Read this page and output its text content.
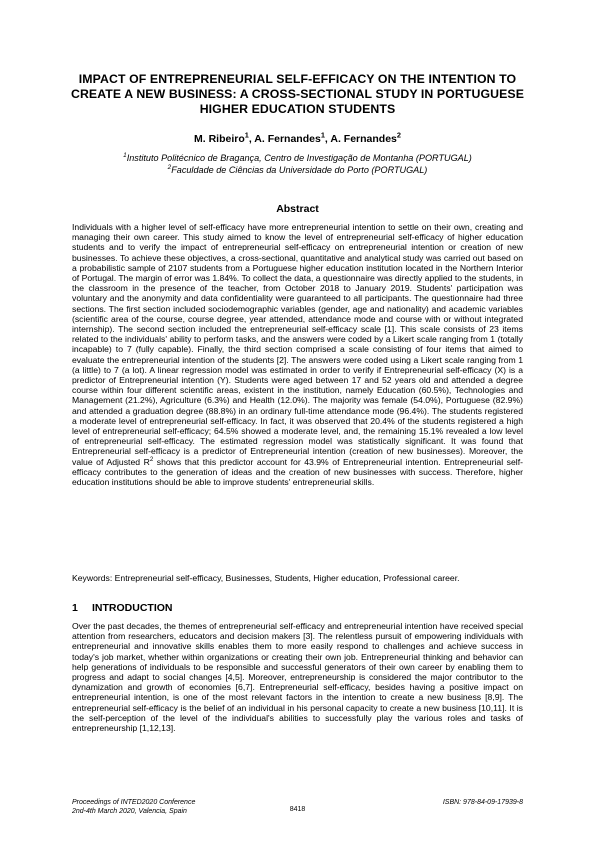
IMPACT OF ENTREPRENEURIAL SELF-EFFICACY ON THE INTENTION TO CREATE A NEW BUSINESS: A CROSS-SECTIONAL STUDY IN PORTUGUESE HIGHER EDUCATION STUDENTS
M. Ribeiro$^1$, A. Fernandes$^1$, A. Fernandes$^2$
$^1$Instituto Politécnico de Bragança, Centro de Investigação de Montanha (PORTUGAL)
$^2$Faculdade de Ciências da Universidade do Porto (PORTUGAL)
Abstract

Individuals with a higher level of self-efficacy have more entrepreneurial intention to settle on their own, creating and managing their own career. This study aimed to know the level of entrepreneurial self-efficacy of higher education students and to verify the impact of entrepreneurial self-efficacy on entrepreneurial intention or creation of new businesses. To achieve these objectives, a cross-sectional, quantitative and analytical study was carried out based on a probabilistic sample of 2107 students from a Portuguese higher education institution located in the Northern Interior of Portugal. The margin of error was 1.84%. To collect the data, a questionnaire was directly applied to the students, in the classroom in the presence of the teacher, from October 2018 to January 2019. Students' participation was voluntary and the anonymity and data confidentiality were guaranteed to all participants. The questionnaire had three sections. The first section included sociodemographic variables (gender, age and nationality) and academic variables (scientific area of the course, course degree, year attended, attendance mode and course with or without integrated internship). The second section included the entrepreneurial self-efficacy scale [1]. This scale consists of 23 items related to the individuals' ability to perform tasks, and the answers were coded by a Likert scale ranging from 1 (totally incapable) to 7 (fully capable). Finally, the third section comprised a scale consisting of four items that aimed to evaluate the entrepreneurial intention of the students [2]. The answers were coded using a Likert scale ranging from 1 (a little) to 7 (a lot). A linear regression model was estimated in order to verify if Entrepreneurial self-efficacy (X) is a predictor of Entrepreneurial intention (Y). Students were aged between 17 and 52 years old and attended a degree course within four different scientific areas, existent in the institution, namely Education (60.5%), Technologies and Management (21.2%), Agriculture (6.3%) and Health (12.0%). The majority was female (54.0%), Portuguese (82.9%) and attended a graduation degree (88.8%) in an ordinary full-time attendance mode (96.4%). The students registered a moderate level of entrepreneurial self-efficacy. In fact, it was observed that 20.4% of the students registered a high level of entrepreneurial self-efficacy; 64.5% showed a moderate level, and, the remaining 15.1% revealed a low level of entrepreneurial self-efficacy. The estimated regression model was statistically significant. It was found that Entrepreneurial self-efficacy is a predictor of Entrepreneurial intention (creation of new businesses). Moreover, the value of Adjusted $R^2$ shows that this predictor account for 43.9% of Entrepreneurial intention. Entrepreneurial self-efficacy contributes to the generation of ideas and the creation of new businesses with success. Therefore, higher education institutions should be able to improve students' entrepreneurial skills.

Keywords: Entrepreneurial self-efficacy, Businesses, Students, Higher education, Professional career.
1 INTRODUCTION

Over the past decades, the themes of entrepreneurial self-efficacy and entrepreneurial intention have received special attention from researchers, educators and decision makers [3]. The relentless pursuit of empowering individuals with entrepreneurial and innovative skills enables them to more easily respond to challenges and achieve success in today's job market, whether within organizations or creating their own job. Entrepreneurial thinking and behavior can help generations of individuals to be responsible and successful generators of their own career by enabling them to progress and adapt to social changes [4,5]. Moreover, entrepreneurship is considered the major contributor to the dynamization and growth of economies [6,7]. Entrepreneurial self-efficacy, besides having a positive impact on entrepreneurial intention, is one of the most relevant factors in the intention to create a new business [8,9]. The entrepreneurial self-efficacy is the belief of an individual in his personal capacity to create a new business [10,11]. It is the self-perception of the level of the individual's abilities to successfully play the various roles and tasks of entrepreneurship [1,12,13].

Proceedings of INTED2020 Conference
2nd-4th March 2020, Valencia, Spain	8418
ISBN: 978-84-09-17939-8
